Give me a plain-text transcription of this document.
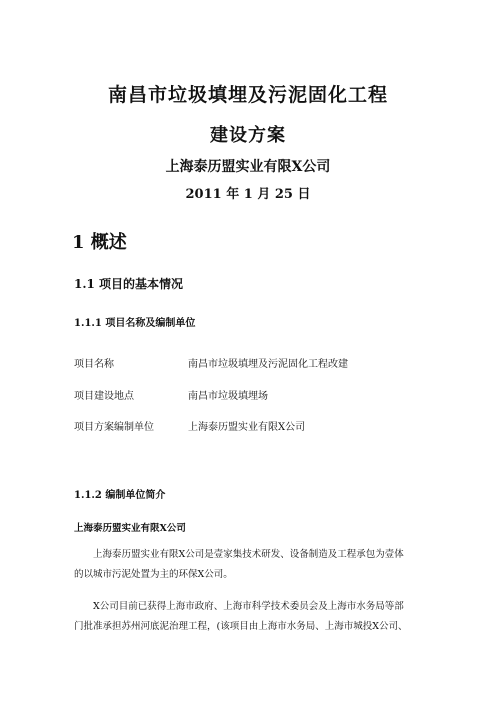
南昌市垃圾填埋及污泥固化工程
建设方案
上海泰历盟实业有限X公司
2011 年 1 月 25 日
1 概述
1.1 项目的基本情况
1.1.1 项目名称及编制单位
项目名称	南昌市垃圾填埋及污泥固化工程改建
项目建设地点	南昌市垃圾填埋场
项目方案编制单位	上海泰历盟实业有限X公司
1.1.2 编制单位简介
上海泰历盟实业有限X公司
上海泰历盟实业有限X公司是壹家集技术研发、设备制造及工程承包为壹体
的以城市污泥处置为主的环保X公司。
X公司目前已获得上海市政府、上海市科学技术委员会及上海市水务局等部
门批准承担苏州河底泥治理工程，(该项目由上海市水务局、上海市城投X公司、
